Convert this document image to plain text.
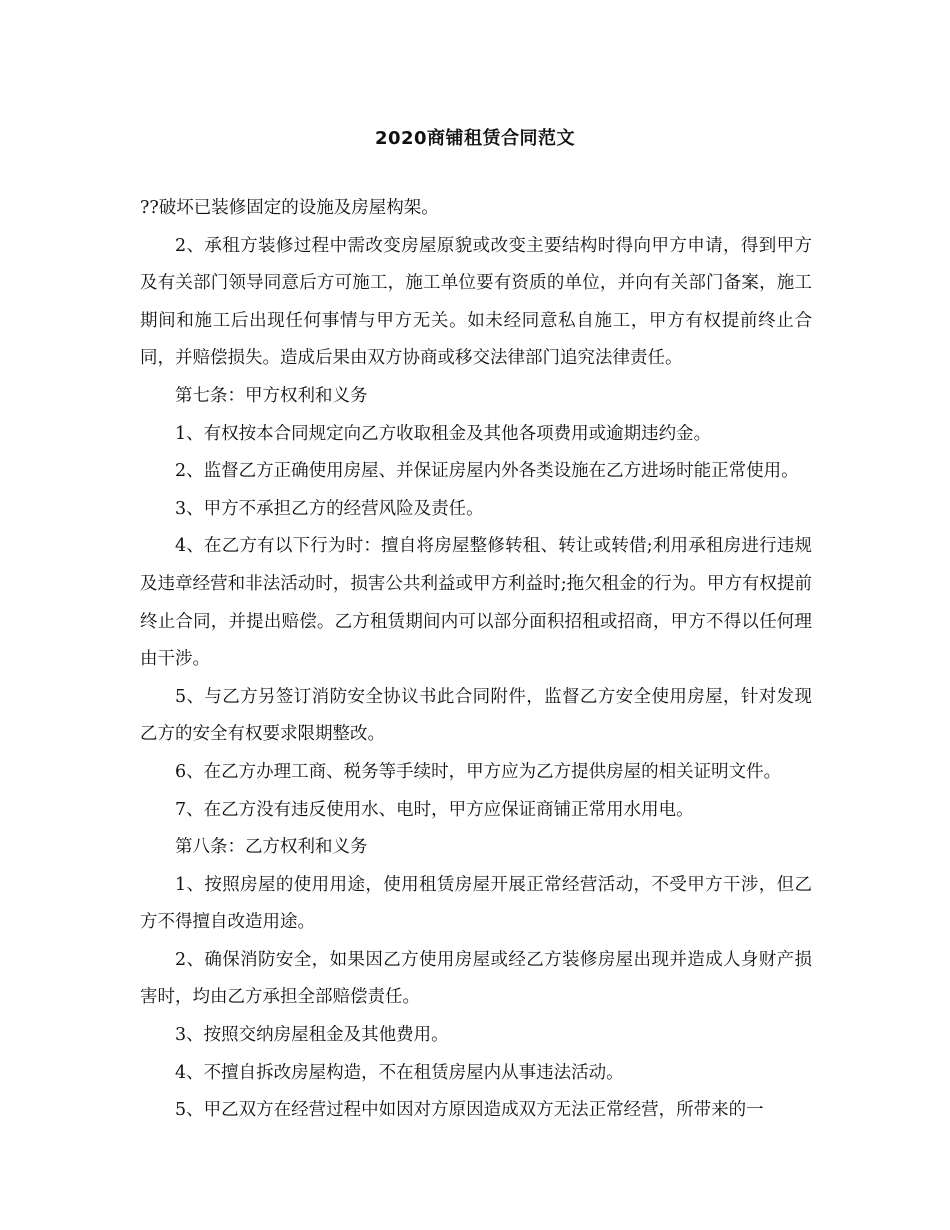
2020商铺租赁合同范文

??破坏已装修固定的设施及房屋构架。

2、承租方装修过程中需改变房屋原貌或改变主要结构时得向甲方申请，得到甲方及有关部门领导同意后方可施工，施工单位要有资质的单位，并向有关部门备案，施工期间和施工后出现任何事情与甲方无关。如未经同意私自施工，甲方有权提前终止合同，并赔偿损失。造成后果由双方协商或移交法律部门追究法律责任。

第七条：甲方权利和义务

1、有权按本合同规定向乙方收取租金及其他各项费用或逾期违约金。

2、监督乙方正确使用房屋、并保证房屋内外各类设施在乙方进场时能正常使用。

3、甲方不承担乙方的经营风险及责任。

4、在乙方有以下行为时：擅自将房屋整修转租、转让或转借;利用承租房进行违规及违章经营和非法活动时，损害公共利益或甲方利益时;拖欠租金的行为。甲方有权提前终止合同，并提出赔偿。乙方租赁期间内可以部分面积招租或招商，甲方不得以任何理由干涉。

5、与乙方另签订消防安全协议书此合同附件，监督乙方安全使用房屋，针对发现乙方的安全有权要求限期整改。

6、在乙方办理工商、税务等手续时，甲方应为乙方提供房屋的相关证明文件。

7、在乙方没有违反使用水、电时，甲方应保证商铺正常用水用电。

第八条：乙方权利和义务

1、按照房屋的使用用途，使用租赁房屋开展正常经营活动，不受甲方干涉，但乙方不得擅自改造用途。

2、确保消防安全，如果因乙方使用房屋或经乙方装修房屋出现并造成人身财产损害时，均由乙方承担全部赔偿责任。

3、按照交纳房屋租金及其他费用。

4、不擅自拆改房屋构造，不在租赁房屋内从事违法活动。

5、甲乙双方在经营过程中如因对方原因造成双方无法正常经营，所带来的一
